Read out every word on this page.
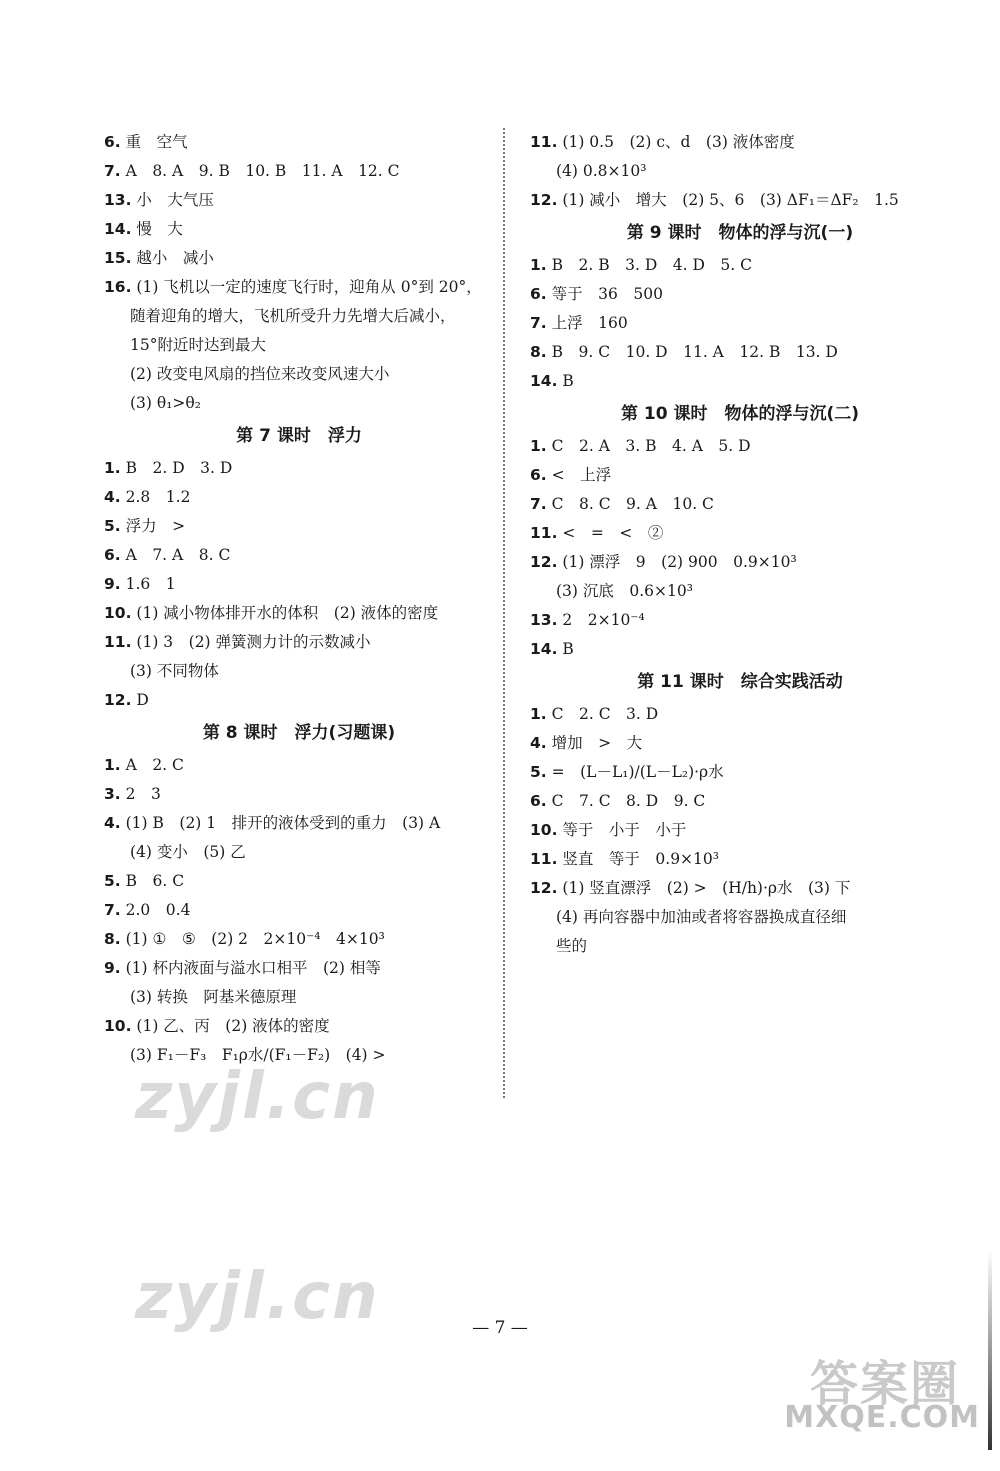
6. 重　空气
7. A　8. A　9. B　10. B　11. A　12. C
13. 小　大气压
14. 慢　大
15. 越小　减小
16. (1) 飞机以一定的速度飞行时，迎角从 0°到 20°，
随着迎角的增大，飞机所受升力先增大后减小，
15°附近时达到最大
(2) 改变电风扇的挡位来改变风速大小
(3) θ₁>θ₂
第 7 课时　浮力
1. B　2. D　3. D
4. 2.8　1.2
5. 浮力　>
6. A　7. A　8. C
9. 1.6　1
10. (1) 减小物体排开水的体积　(2) 液体的密度
11. (1) 3　(2) 弹簧测力计的示数减小
(3) 不同物体
12. D
第 8 课时　浮力(习题课)
1. A　2. C
3. 2　3
4. (1) B　(2) 1　排开的液体受到的重力　(3) A
(4) 变小　(5) 乙
5. B　6. C
7. 2.0　0.4
8. (1) ①　⑤　(2) 2　2×10⁻⁴　4×10³
9. (1) 杯内液面与溢水口相平　(2) 相等
(3) 转换　阿基米德原理
10. (1) 乙、丙　(2) 液体的密度
(3) F₁－F₃　F₁ρ水/(F₁－F₂)　(4) >
11. (1) 0.5　(2) c、d　(3) 液体密度
(4) 0.8×10³
12. (1) 减小　增大　(2) 5、6　(3) ΔF₁＝ΔF₂　1.5
第 9 课时　物体的浮与沉(一)
1. B　2. B　3. D　4. D　5. C
6. 等于　36　500
7. 上浮　160
8. B　9. C　10. D　11. A　12. B　13. D
14. B
第 10 课时　物体的浮与沉(二)
1. C　2. A　3. B　4. A　5. D
6. <　上浮
7. C　8. C　9. A　10. C
11. <　=　<　②
12. (1) 漂浮　9　(2) 900　0.9×10³
(3) 沉底　0.6×10³
13. 2　2×10⁻⁴
14. B
第 11 课时　综合实践活动
1. C　2. C　3. D
4. 增加　>　大
5. =　(L－L₁)/(L－L₂)·ρ水
6. C　7. C　8. D　9. C
10. 等于　小于　小于
11. 竖直　等于　0.9×10³
12. (1) 竖直漂浮　(2) >　(H/h)·ρ水　(3) 下
(4) 再向容器中加油或者将容器换成直径细
些的
— 7 —
zyjl.cn
zyjl.cn
答案圈
MXQE.COM
